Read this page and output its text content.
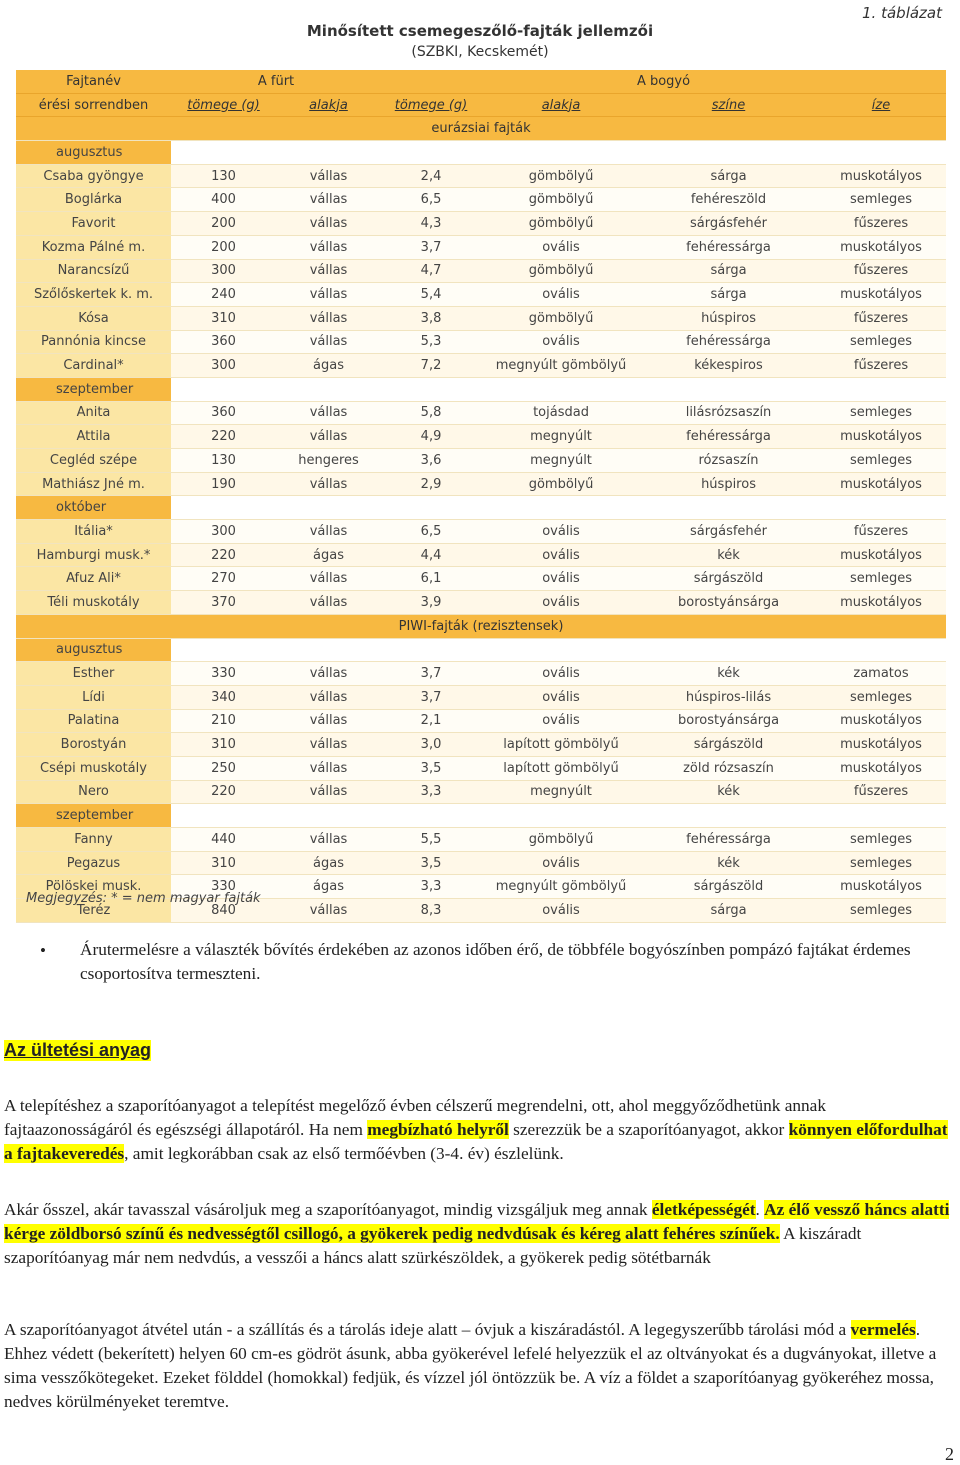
1. táblázat
Minősített csemegeszőlő-fajták jellemzői
(SZBKI, Kecskemét)
Fajtanév	A fürt		A bogyó			
érési sorrendben	tömege (g)	alakja	tömege (g)	alakja	színe	íze
eurázsiai fajták						
augusztus						
Csaba gyöngye	130	vállas	2,4	gömbölyű	sárga	muskotályos
Boglárka	400	vállas	6,5	gömbölyű	fehéreszöld	semleges
Favorit	200	vállas	4,3	gömbölyű	sárgásfehér	fűszeres
Kozma Pálné m.	200	vállas	3,7	ovális	fehéressárga	muskotályos
Narancsízű	300	vállas	4,7	gömbölyű	sárga	fűszeres
Szőlőskertek k. m.	240	vállas	5,4	ovális	sárga	muskotályos
Kósa	310	vállas	3,8	gömbölyű	húspiros	fűszeres
Pannónia kincse	360	vállas	5,3	ovális	fehéressárga	semleges
Cardinal*	300	ágas	7,2	megnyúlt gömbölyű	kékespiros	fűszeres
szeptember						
Anita	360	vállas	5,8	tojásdad	lilásrózsaszín	semleges
Attila	220	vállas	4,9	megnyúlt	fehéressárga	muskotályos
Cegléd szépe	130	hengeres	3,6	megnyúlt	rózsaszín	semleges
Mathiász Jné m.	190	vállas	2,9	gömbölyű	húspiros	muskotályos
október						
Itália*	300	vállas	6,5	ovális	sárgásfehér	fűszeres
Hamburgi musk.*	220	ágas	4,4	ovális	kék	muskotályos
Afuz Ali*	270	vállas	6,1	ovális	sárgászöld	semleges
Téli muskotály	370	vállas	3,9	ovális	borostyánsárga	muskotályos
PIWI-fajták (rezisztensek)						
augusztus						
Esther	330	vállas	3,7	ovális	kék	zamatos
Lídi	340	vállas	3,7	ovális	húspiros-lilás	semleges
Palatina	210	vállas	2,1	ovális	borostyánsárga	muskotályos
Borostyán	310	vállas	3,0	lapított gömbölyű	sárgászöld	muskotályos
Csépi muskotály	250	vállas	3,5	lapított gömbölyű	zöld rózsaszín	muskotályos
Nero	220	vállas	3,3	megnyúlt	kék	fűszeres
szeptember						
Fanny	440	vállas	5,5	gömbölyű	fehéressárga	semleges
Pegazus	310	ágas	3,5	ovális	kék	semleges
Pölöskei musk.	330	ágas	3,3	megnyúlt gömbölyű	sárgászöld	muskotályos
Teréz	840	vállas	8,3	ovális	sárga	semleges
Megjegyzés: * = nem magyar fajták
• Árutermelésre a választék bővítés érdekében az azonos időben érő, de többféle bogyószínben pompázó fajtákat érdemes csoportosítva termeszteni.
Az ültetési anyag
A telepítéshez a szaporítóanyagot a telepítést megelőző évben célszerű megrendelni, ott, ahol meggyőződhetünk annak fajtaazonosságáról és egészségi állapotáról. Ha nem megbízható helyről szerezzük be a szaporítóanyagot, akkor könnyen előfordulhat a fajtakeveredés, amit legkorábban csak az első termőévben (3-4. év) észlelünk.
Akár ősszel, akár tavasszal vásároljuk meg a szaporítóanyagot, mindig vizsgáljuk meg annak életképességét. Az élő vessző háncs alatti kérge zöldborsó színű és nedvességtől csillogó, a gyökerek pedig nedvdúsak és kéreg alatt fehéres színűek. A kiszáradt szaporítóanyag már nem nedvdús, a vesszői a háncs alatt szürkészöldek, a gyökerek pedig sötétbarnák
A szaporítóanyagot átvétel után - a szállítás és a tárolás ideje alatt – óvjuk a kiszáradástól. A legegyszerűbb tárolási mód a vermelés. Ehhez védett (bekerített) helyen 60 cm-es gödröt ásunk, abba gyökerével lefelé helyezzük el az oltványokat és a dugványokat, illetve a sima vesszőkötegeket. Ezeket földdel (homokkal) fedjük, és vízzel jól öntözzük be. A víz a földet a szaporítóanyag gyökeréhez mossa, nedves körülményeket teremtve.
2
